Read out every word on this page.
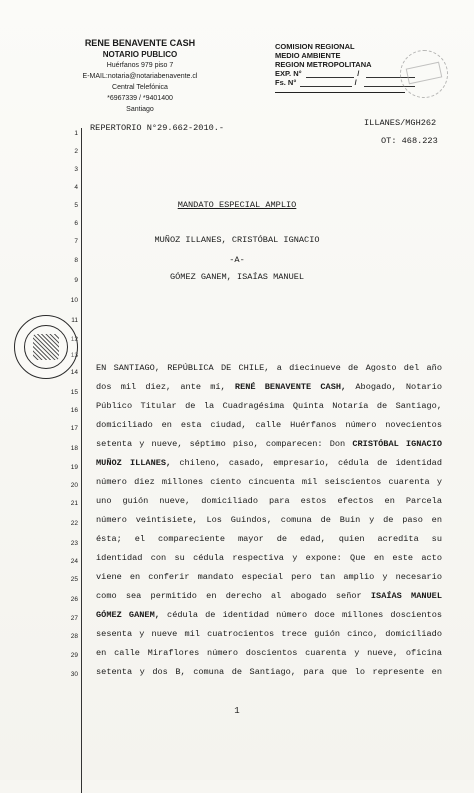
RENE BENAVENTE CASH
NOTARIO PUBLICO
Huérfanos 979 piso 7
E-MAIL:notaria@notariabenavente.cl
Central Telefónica
*6967339 / *9401400
Santiago
COMISION REGIONAL
MEDIO AMBIENTE
REGION METROPOLITANA
EXP. N°	/
Fs. N°	/
REPERTORIO N°29.662-2010.-	ILLANES/MGH262
OT: 468.223
1
2
3
4
5
6
7
8
9
10
11
12
13
14
15
16
17
18
19
20
21
22
23
24
25
26
27
28
29
30
MANDATO ESPECIAL AMPLIO
MUÑOZ ILLANES, CRISTÓBAL IGNACIO
-A-
GÓMEZ GANEM, ISAÍAS MANUEL
EN SANTIAGO, REPÚBLICA DE CHILE, a diecinueve de Agosto del año
dos mil diez, ante mí, RENÉ BENAVENTE CASH, Abogado, Notario
Público Titular de la Cuadragésima Quinta Notaría de Santiago,
domiciliado en esta ciudad, calle Huérfanos número novecientos
setenta y nueve, séptimo piso, comparecen: Don CRISTÓBAL IGNACIO
MUÑOZ ILLANES, chileno, casado, empresario, cédula de identidad
número diez millones ciento cincuenta mil seiscientos cuarenta y
uno guión nueve, domiciliado para estos efectos en Parcela
número veintisiete, Los Guindos, comuna de Buin y de paso en
ésta; el compareciente mayor de edad, quien acredita su
identidad con su cédula respectiva y expone: Que en este acto
viene en conferir mandato especial pero tan amplio y necesario
como sea permitido en derecho al abogado señor ISAÍAS MANUEL
GÓMEZ GANEM, cédula de identidad número doce millones doscientos
sesenta y nueve mil cuatrocientos trece guión cinco, domiciliado
en calle Miraflores número doscientos cuarenta y nueve, oficina
setenta y dos B, comuna de Santiago, para que lo represente en
1
